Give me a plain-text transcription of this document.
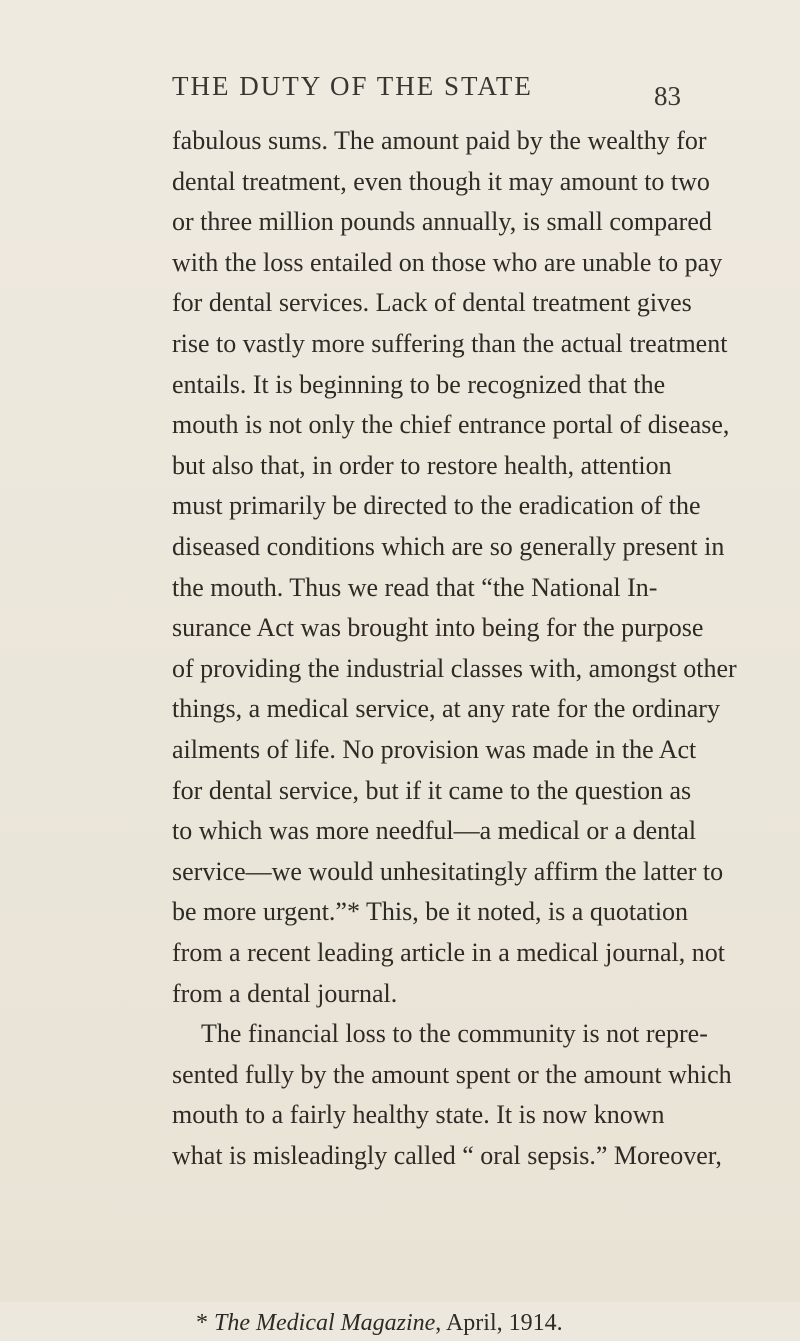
THE DUTY OF THE STATE	83
fabulous sums. The amount paid by the wealthy for
dental treatment, even though it may amount to two
or three million pounds annually, is small compared
with the loss entailed on those who are unable to pay
for dental services. Lack of dental treatment gives
rise to vastly more suffering than the actual treatment
entails. It is beginning to be recognized that the
mouth is not only the chief entrance portal of disease,
but also that, in order to restore health, attention
must primarily be directed to the eradication of the
diseased conditions which are so generally present in
the mouth. Thus we read that “the National In-
surance Act was brought into being for the purpose
of providing the industrial classes with, amongst other
things, a medical service, at any rate for the ordinary
ailments of life. No provision was made in the Act
for dental service, but if it came to the question as
to which was more needful—a medical or a dental
service—we would unhesitatingly affirm the latter to
be more urgent.”* This, be it noted, is a quotation
from a recent leading article in a medical journal, not
from a dental journal.
The financial loss to the community is not repre-
sented fully by the amount spent or the amount which
mouth to a fairly healthy state. It is now known
what is misleadingly called “ oral sepsis.” Moreover,
* The Medical Magazine, April, 1914.
